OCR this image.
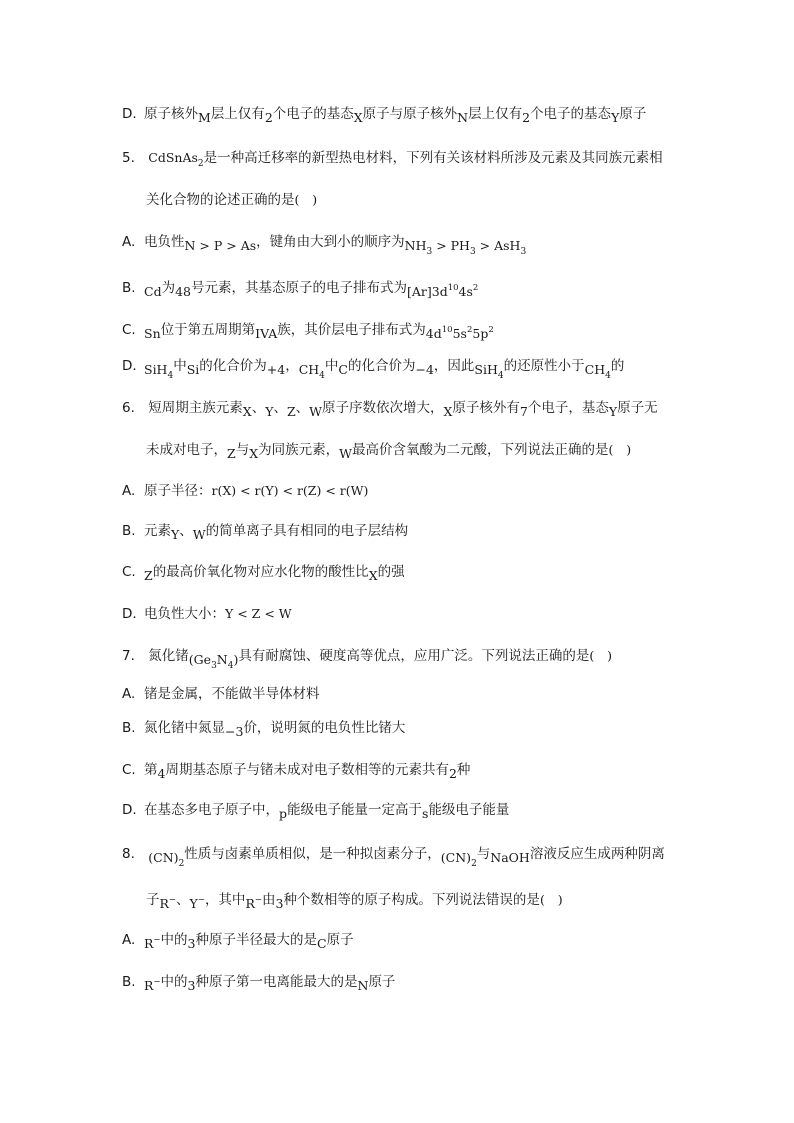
D. 原子核外M层上仅有2个电子的基态X原子与原子核外N层上仅有2个电子的基态Y原子
5. CdSnAs$_2$是一种高迁移率的新型热电材料，下列有关该材料所涉及元素及其同族元素相
关化合物的论述正确的是( )
A. 电负性N > P > As，键角由大到小的顺序为$NH_3 > PH_3 > AsH_3$
B. Cd为48号元素，其基态原子的电子排布式为$[Ar]3d^{10}4s^2$
C. Sn位于第五周期第IVA族，其价层电子排布式为$4d^{10}5s^25p^2$
D. SiH$_4$中Si的化合价为+4，$CH_4$中C的化合价为−4，因此SiH$_4$的还原性小于$CH_4$的
6. 短周期主族元素X、Y、Z、W原子序数依次增大，X原子核外有7个电子，基态Y原子无
未成对电子，Z与X为同族元素，W最高价含氧酸为二元酸，下列说法正确的是( )
A. 原子半径：r(X) < r(Y) < r(Z) < r(W)
B. 元素Y、W的简单离子具有相同的电子层结构
C. Z的最高价氧化物对应水化物的酸性比X的强
D. 电负性大小：Y < Z < W
7. 氮化锗$(Ge_3N_4)$具有耐腐蚀、硬度高等优点，应用广泛。下列说法正确的是( )
A. 锗是金属，不能做半导体材料
B. 氮化锗中氮显−3价，说明氮的电负性比锗大
C. 第4周期基态原子与锗未成对电子数相等的元素共有2种
D. 在基态多电子原子中，p能级电子能量一定高于s能级电子能量
8. $(CN)_2$性质与卤素单质相似，是一种拟卤素分子，$(CN)_2$与NaOH溶液反应生成两种阴离
子R−、Y−，其中R−由3种个数相等的原子构成。下列说法错误的是( )
A. R−中的3种原子半径最大的是C原子
B. R−中的3种原子第一电离能最大的是N原子
